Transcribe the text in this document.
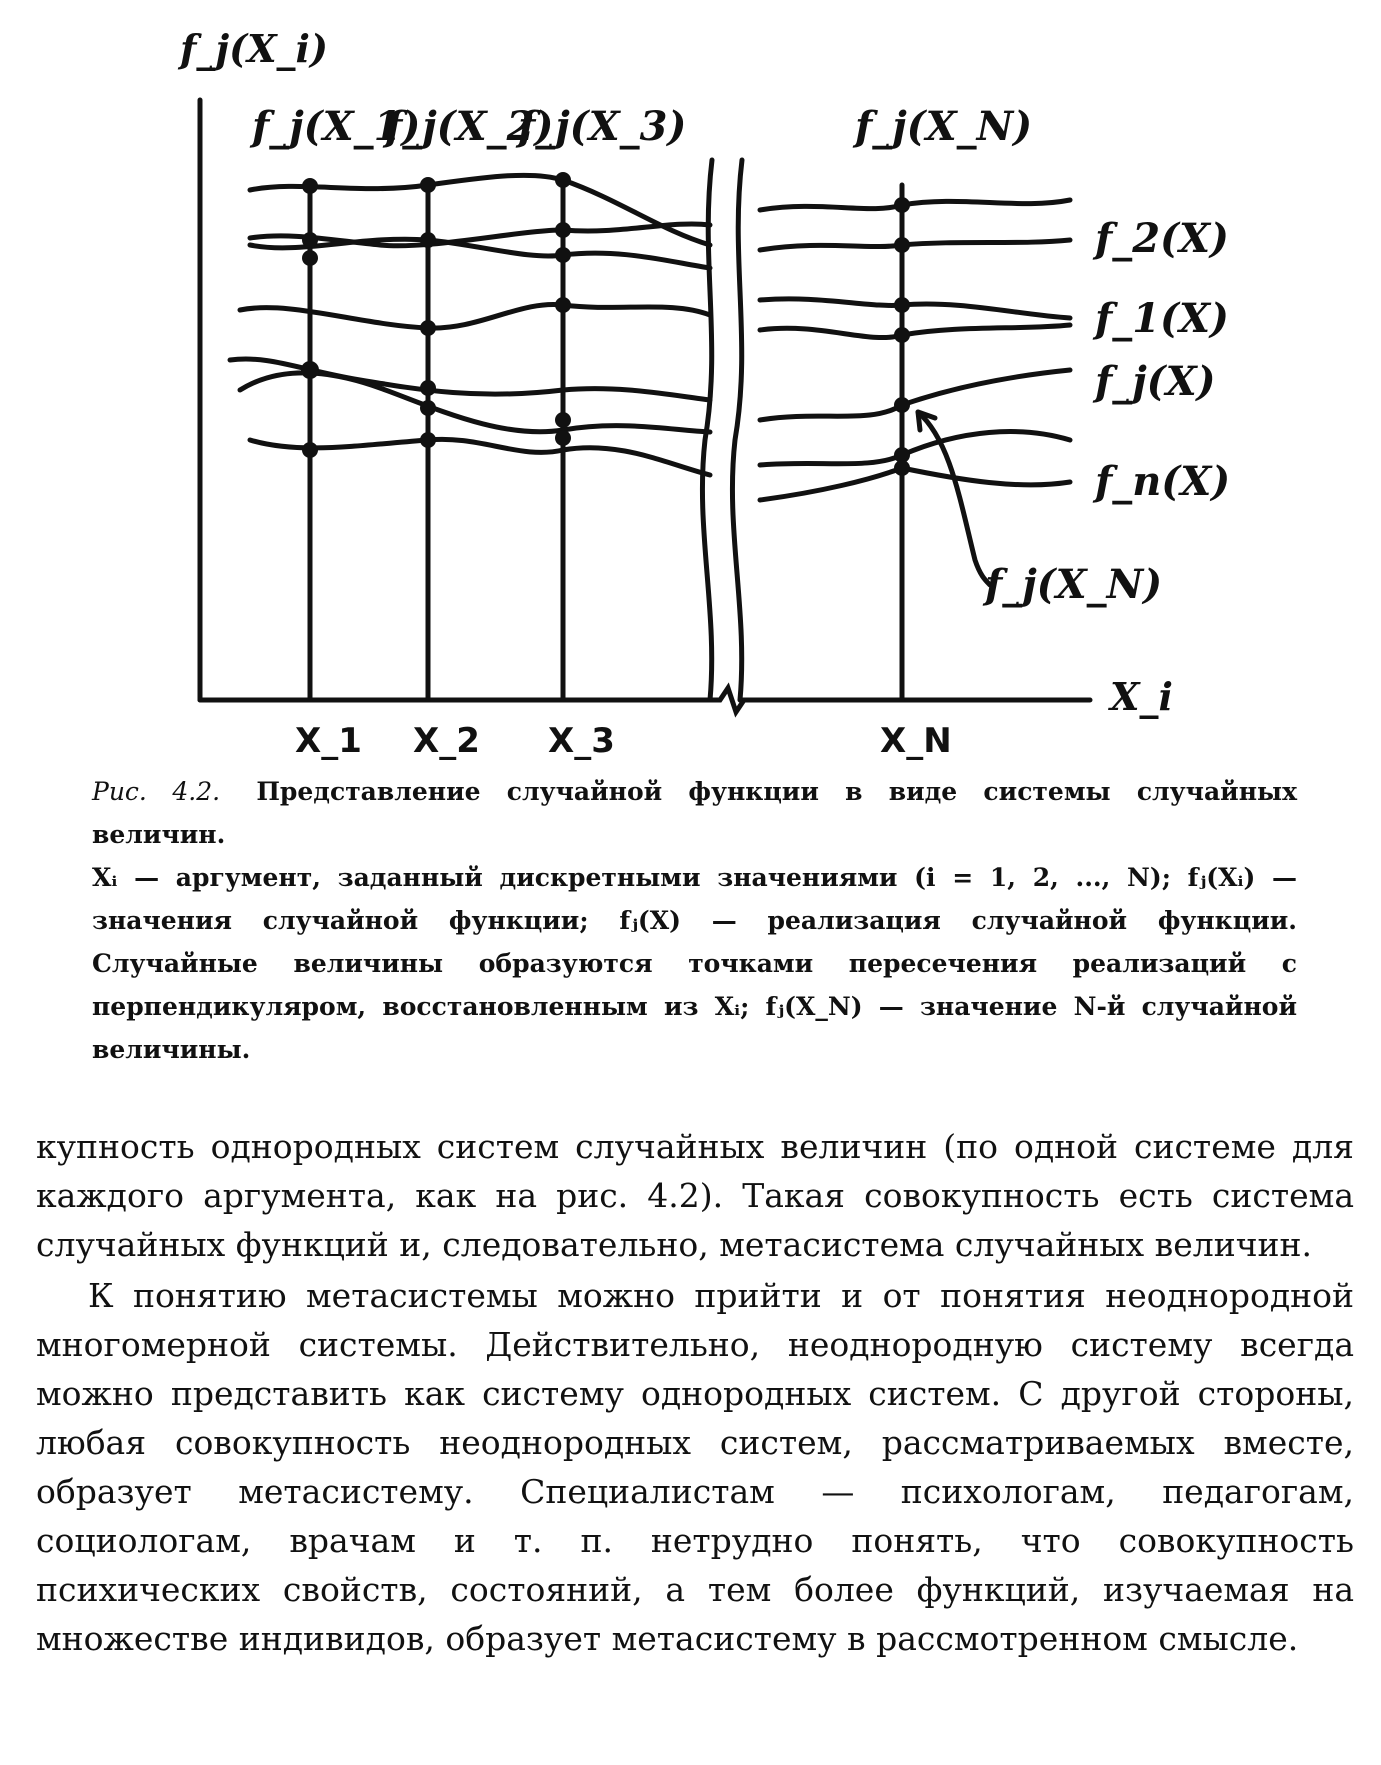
f_j(X_i)
X_i
f_j(X_1)
f_j(X_2)
f_j(X_3)	f_j(X_N)
X_1 X_2 X_3	X_N
f_2(X)
f_1(X)
f_j(X)
f_n(X)
f_j(X_N)

Рис. 4.2. Представление случайной функции в виде системы случайных величин.

Xᵢ — аргумент, заданный дискретными значениями (i = 1, 2, ..., N); fⱼ(Xᵢ) — значения случайной функции; fⱼ(X) — реализация случайной функции. Случайные величины образуются точками пересечения реализаций с перпендикуляром, восстановленным из Xᵢ; fⱼ(X_N) — значение N-й случайной величины.

купность однородных систем случайных величин (по одной системе для каждого аргумента, как на рис. 4.2). Такая совокупность есть система случайных функций и, следовательно, метасистема случайных величин.

К понятию метасистемы можно прийти и от понятия неоднородной многомерной системы. Действительно, неоднородную систему всегда можно представить как систему однородных систем. С другой стороны, любая совокупность неоднородных систем, рассматриваемых вместе, образует метасистему. Специалистам — психологам, педагогам, социологам, врачам и т. п. нетрудно понять, что совокупность психических свойств, состояний, а тем более функций, изучаемая на множестве индивидов, образует метасистему в рассмотренном смысле.
